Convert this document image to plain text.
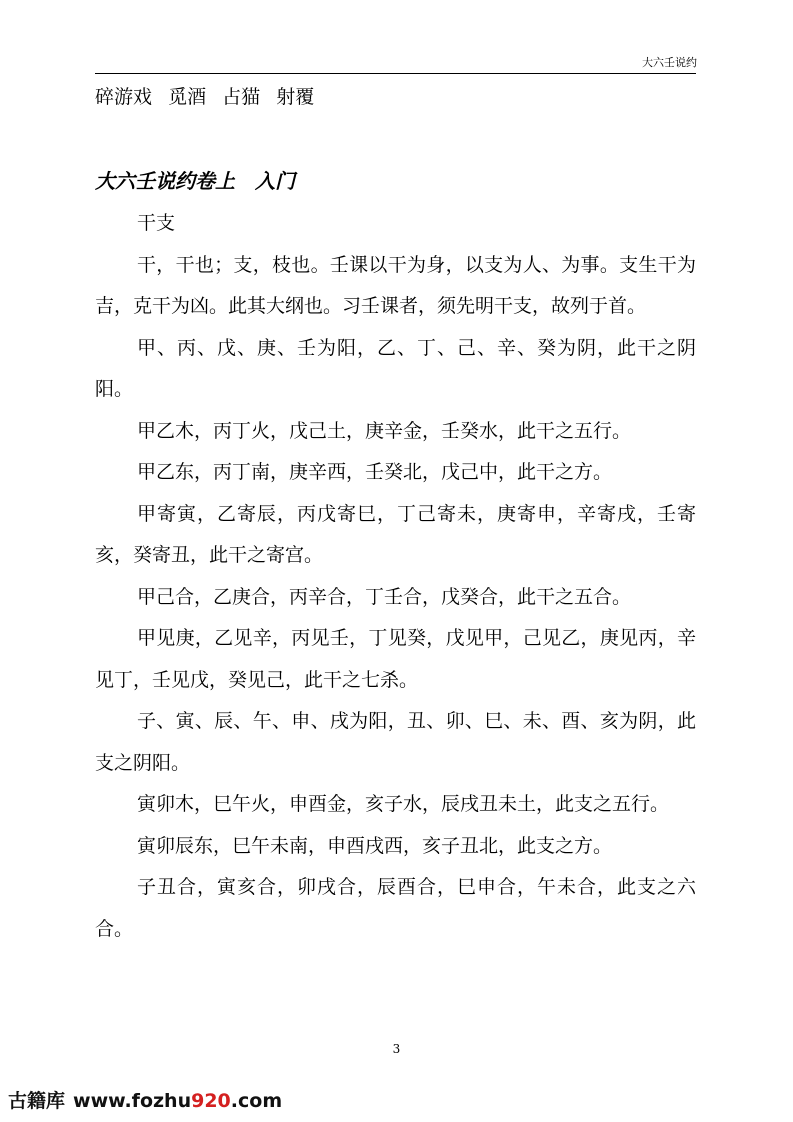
大六壬说约
碎游戏 觅酒 占猫 射覆
大六壬说约卷上 入门

干支

干，干也；支，枝也。壬课以干为身，以支为人、为事。支生干为吉，克干为凶。此其大纲也。习壬课者，须先明干支，故列于首。

甲、丙、戊、庚、壬为阳，乙、丁、己、辛、癸为阴，此干之阴阳。

甲乙木，丙丁火，戊己土，庚辛金，壬癸水，此干之五行。

甲乙东，丙丁南，庚辛西，壬癸北，戊己中，此干之方。

甲寄寅，乙寄辰，丙戊寄巳，丁己寄未，庚寄申，辛寄戌，壬寄亥，癸寄丑，此干之寄宫。

甲己合，乙庚合，丙辛合，丁壬合，戊癸合，此干之五合。

甲见庚，乙见辛，丙见壬，丁见癸，戊见甲，己见乙，庚见丙，辛见丁，壬见戊，癸见己，此干之七杀。

子、寅、辰、午、申、戌为阳，丑、卯、巳、未、酉、亥为阴，此支之阴阳。

寅卯木，巳午火，申酉金，亥子水，辰戌丑未土，此支之五行。

寅卯辰东，巳午未南，申酉戌西，亥子丑北，此支之方。

子丑合，寅亥合，卯戌合，辰酉合，巳申合，午未合，此支之六合。

3
古籍库 www.fozhu920.com
